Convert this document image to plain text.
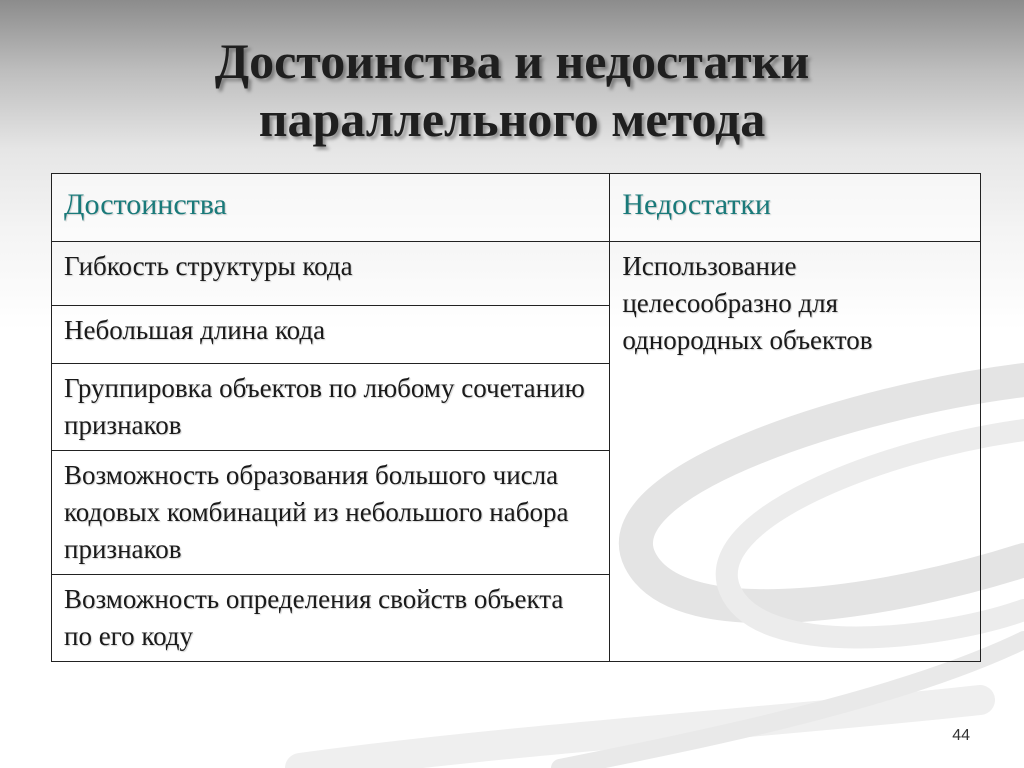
Достоинства и недостатки
параллельного метода
Достоинства	Недостатки
Гибкость структуры кода	Использование целесообразно для однородных объектов
Небольшая длина кода	
Группировка объектов по любому сочетанию признаков	
Возможность образования большого числа кодовых комбинаций из небольшого набора признаков	
Возможность определения свойств объекта по его коду	
44
